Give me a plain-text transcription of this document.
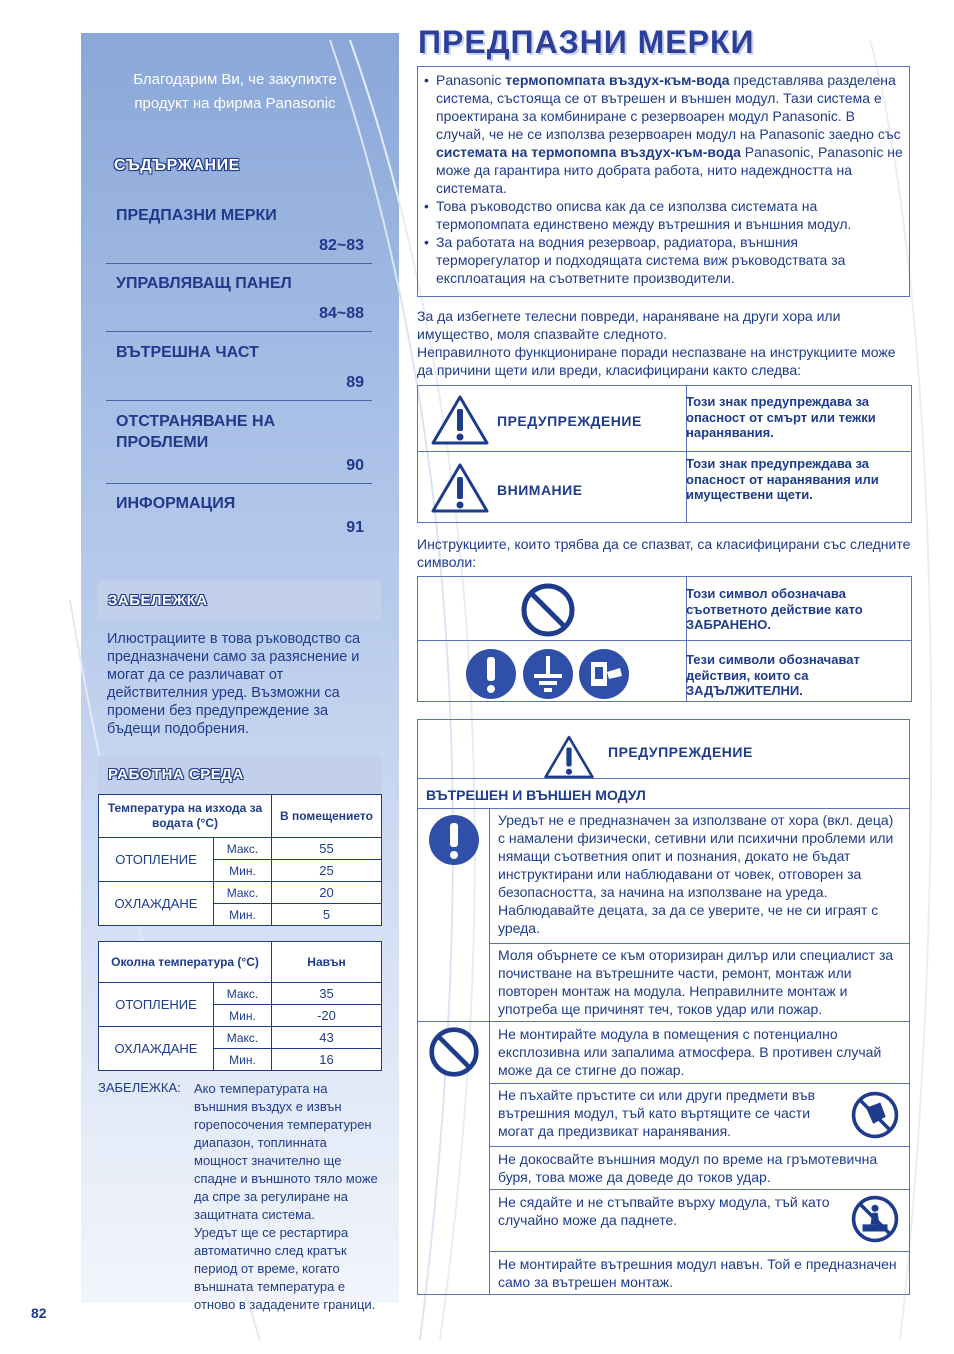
Благодарим Ви, че закупихте
продукт на фирма Panasonic
СЪДЪРЖАНИЕ
ПРЕДПАЗНИ МЕРКИ
82~83
УПРАВЛЯВАЩ ПАНЕЛ
84~88
ВЪТРЕШНА ЧАСТ
89
ОТСТРАНЯВАНЕ НА ПРОБЛЕМИ
90
ИНФОРМАЦИЯ
91
ЗАБЕЛЕЖКА
Илюстрациите в това ръководство са предназначени само за разяснение и могат да се различават от действителния уред. Възможни са промени без предупреждение за бъдещи подобрения.
РАБОТНА СРЕДА
Температура на изхода за водата (°C)		В помещението
ОТОПЛЕНИЕ	Макс.	55
	Мин.	25
ОХЛАЖДАНЕ	Макс.	20
	Мин.	5
Околна температура (°C)		Навън
ОТОПЛЕНИЕ	Макс.	35
	Мин.	-20
ОХЛАЖДАНЕ	Макс.	43
	Мин.	16
ЗАБЕЛЕЖКА: Ако температурата на външния въздух е извън горепосочения температурен диапазон, топлинната мощност значително ще спадне и външното тяло може да спре за регулиране на защитната система.
Уредът ще се рестартира автоматично след кратък период от време, когато външната температура е отново в зададените граници.
82
ПРЕДПАЗНИ МЕРКИ
• Panasonic термопомпата въздух-към-вода представлява разделена система, състояща се от вътрешен и външен модул. Тази система е проектирана за комбиниране с резервоарен модул Panasonic. В случай, че не се използва резервоарен модул на Panasonic заедно със системата на термопомпа въздух-към-вода Panasonic, Panasonic не може да гарантира нито добрата работа, нито надеждността на системата.
• Това ръководство описва как да се използва системата на термопомпата единствено между вътрешния и външния модул.
• За работата на водния резервоар, радиатора, външния терморегулатор и подходящата система виж ръководствата за експлоатация на съответните производители.
За да избегнете телесни повреди, нараняване на други хора или имущество, моля спазвайте следното.
Неправилното функциониране поради неспазване на инструкциите може да причини щети или вреди, класифицирани както следва:
ПРЕДУПРЕЖДЕНИЕ
Този знак предупреждава за опасност от смърт или тежки наранявания.
ВНИМАНИЕ
Този знак предупреждава за опасност от наранявания или имуществени щети.
Инструкциите, които трябва да се спазват, са класифицирани със следните символи:
Този символ обозначава съответното действие като ЗАБРАНЕНО.
Тези символи обозначават действия, които са ЗАДЪЛЖИТЕЛНИ.
ПРЕДУПРЕЖДЕНИЕ
ВЪТРЕШЕН И ВЪНШЕН МОДУЛ
Уредът не е предназначен за използване от хора (вкл. деца) с намалени физически, сетивни или психични проблеми или нямащи съответния опит и познания, докато не бъдат инструктирани или наблюдавани от човек, отговорен за безопасността, за начина на използване на уреда. Наблюдавайте децата, за да се уверите, че не си играят с уреда.
Моля обърнете се към оторизиран дилър или специалист за почистване на вътрешните части, ремонт, монтаж или повторен монтаж на модула. Неправилните монтаж и употреба ще причинят теч, токов удар или пожар.
Не монтирайте модула в помещения с потенциално експлозивна или запалима атмосфера. В противен случай може да се стигне до пожар.
Не пъхайте пръстите си или други предмети във вътрешния модул, тъй като въртящите се части могат да предизвикат наранявания.
Не докосвайте външния модул по време на гръмотевична буря, това може да доведе до токов удар.
Не сядайте и не стъпвайте върху модула, тъй като случайно може да паднете.
Не монтирайте вътрешния модул навън. Той е предназначен само за вътрешен монтаж.
